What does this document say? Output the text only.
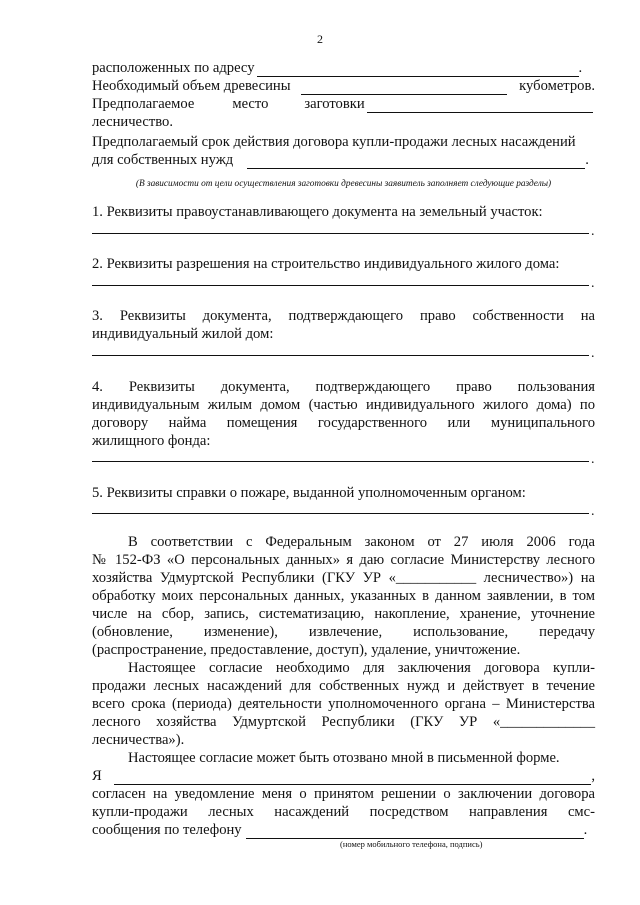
2
расположенных по адресу	.
Необходимый объем древесины	кубометров.
Предполагаемое	место заготовки
лесничество.
Предполагаемый срок действия договора купли-продажи лесных насаждений
для собственных нужд	.
(В зависимости от цели осуществления заготовки древесины заявитель заполняет следующие разделы)
1. Реквизиты правоустанавливающего документа на земельный участок:
.
2. Реквизиты разрешения на строительство индивидуального жилого дома:
.
3. Реквизиты документа, подтверждающего право собственности на
индивидуальный жилой дом:
.
4. Реквизиты документа, подтверждающего право пользования
индивидуальным жилым домом (частью индивидуального жилого дома) по
договору найма помещения государственного или муниципального
жилищного фонда:
.
5. Реквизиты справки о пожаре, выданной уполномоченным органом:
.
В соответствии с Федеральным законом от 27 июля 2006 года
№ 152-ФЗ «О персональных данных» я даю согласие Министерству лесного
хозяйства Удмуртской Республики (ГКУ УР «___________ лесничество») на
обработку моих персональных данных, указанных в данном заявлении, в том
числе на сбор, запись, систематизацию, накопление, хранение, уточнение
(обновление, изменение), извлечение, использование, передачу
(распространение, предоставление, доступ), удаление, уничтожение.
Настоящее согласие необходимо для заключения договора купли-
продажи лесных насаждений для собственных нужд и действует в течение
всего срока (периода) деятельности уполномоченного органа – Министерства
лесного хозяйства Удмуртской Республики (ГКУ УР «_____________
лесничества»).
Настоящее согласие может быть отозвано мной в письменной форме.
Я	,
согласен на уведомление меня о принятом решении о заключении договора
купли-продажи лесных насаждений посредством направления смс-
сообщения по телефону	.
(номер мобильного телефона, подпись)
